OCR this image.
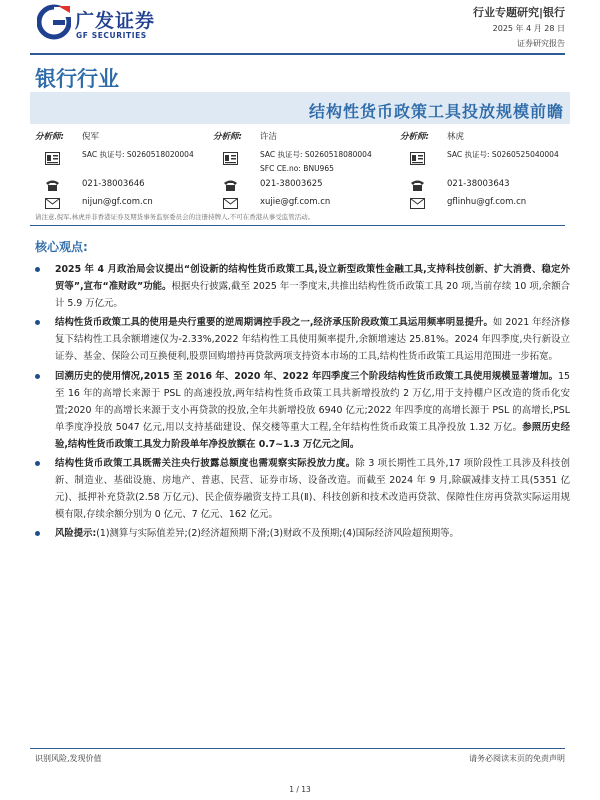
广发证券
GF SECURITIES
行业专题研究|银行
2025 年 4 月 28 日
证券研究报告
银行行业
结构性货币政策工具投放规模前瞻
分析师: 倪军
SAC 执证号: S0260518020004
021-38003646
nijun@gf.com.cn
分析师: 许洁
SAC 执证号: S0260518080004
SFC CE.no: BNU965
021-38003625
xujie@gf.com.cn
分析师: 林虎
SAC 执证号: S0260525040004
021-38003643
gflinhu@gf.com.cn
请注意,倪军,林虎并非香港证券及期货事务监察委员会的注册持牌人,不可在香港从事受监管活动。
核心观点:
2025 年 4 月政治局会议提出“创设新的结构性货币政策工具,设立新型政策性金融工具,支持科技创新、扩大消费、稳定外贸等”,宣布“准财政”功能。根据央行披露,截至 2025 年一季度末,共推出结构性货币政策工具 20 项,当前存续 10 项,余额合计 5.9 万亿元。
结构性货币政策工具的使用是央行重要的逆周期调控手段之一,经济承压阶段政策工具运用频率明显提升。如 2021 年经济修复下结构性工具余额增速仅为-2.33%,2022 年结构性工具使用频率提升,余额增速达 25.81%。2024 年四季度,央行新设立证券、基金、保险公司互换便利,股票回购增持再贷款两项支持资本市场的工具,结构性货币政策工具运用范围进一步拓宽。
回溯历史的使用情况,2015 至 2016 年、2020 年、2022 年四季度三个阶段结构性货币政策工具使用规模显著增加。15 至 16 年的高增长来源于 PSL 的高速投放,两年结构性货币政策工具共新增投放约 2 万亿,用于支持棚户区改造的货币化安置;2020 年的高增长来源于支小再贷款的投放,全年共新增投放 6940 亿元;2022 年四季度的高增长源于 PSL 的高增长,PSL 单季度净投放 5047 亿元,用以支持基础建设、保交楼等重大工程,全年结构性货币政策工具净投放 1.32 万亿。参照历史经验,结构性货币政策工具发力阶段单年净投放额在 0.7~1.3 万亿元之间。
结构性货币政策工具既需关注央行披露总额度也需观察实际投放力度。除 3 项长期性工具外,17 项阶段性工具涉及科技创新、制造业、基础设施、房地产、普惠、民营、证券市场、设备改造。而截至 2024 年 9 月,除碳减排支持工具(5351 亿元)、抵押补充贷款(2.58 万亿元)、民企债券融资支持工具(Ⅱ)、科技创新和技术改造再贷款、保障性住房再贷款实际运用规模有限,存续余额分别为 0 亿元、7 亿元、162 亿元。
风险提示:(1)测算与实际值差异;(2)经济超预期下滑;(3)财政不及预期;(4)国际经济风险超预期等。
识别风险,发现价值	请务必阅读末页的免责声明
1 / 13
